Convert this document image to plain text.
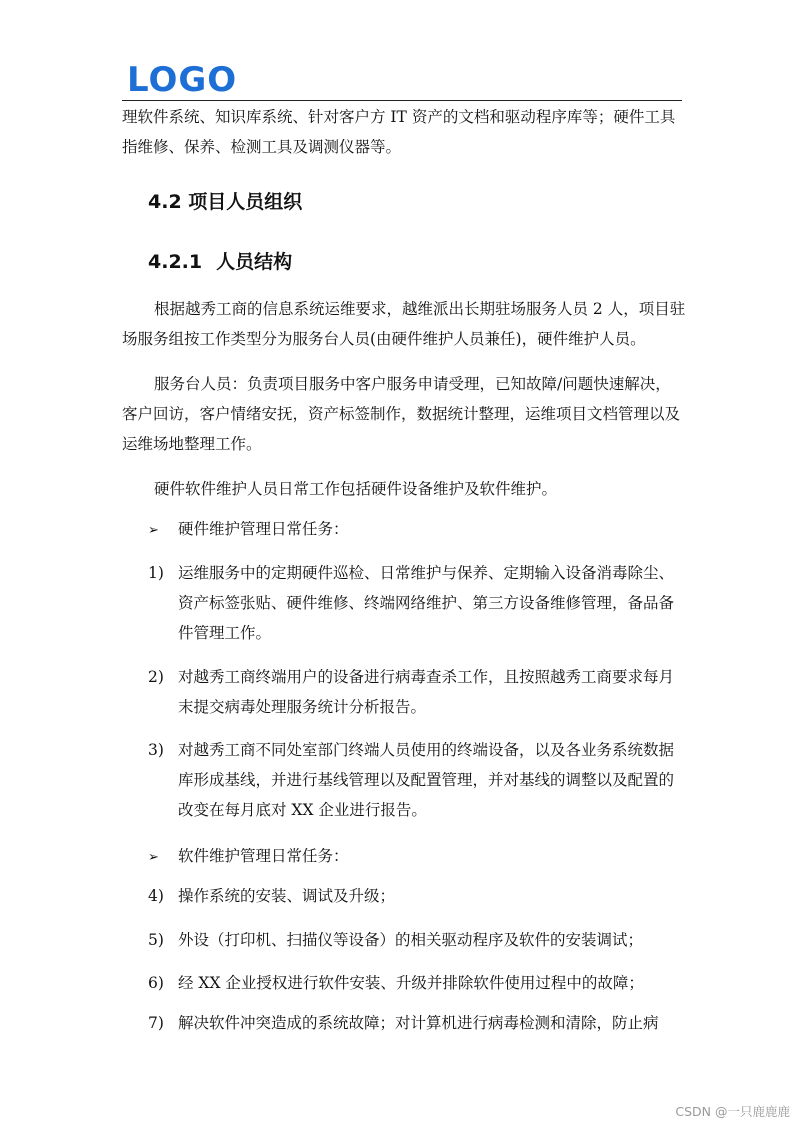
LOGO

理软件系统、知识库系统、针对客户方 IT 资产的文档和驱动程序库等；硬件工具指维修、保养、检测工具及调测仪器等。

4.2 项目人员组织
4.2.1 人员结构

根据越秀工商的信息系统运维要求，越维派出长期驻场服务人员 2 人，项目驻场服务组按工作类型分为服务台人员(由硬件维护人员兼任)，硬件维护人员。

服务台人员：负责项目服务中客户服务申请受理，已知故障/问题快速解决，客户回访，客户情绪安抚，资产标签制作，数据统计整理，运维项目文档管理以及运维场地整理工作。

硬件软件维护人员日常工作包括硬件设备维护及软件维护。

➢ 硬件维护管理日常任务：
1) 运维服务中的定期硬件巡检、日常维护与保养、定期输入设备消毒除尘、资产标签张贴、硬件维修、终端网络维护、第三方设备维修管理，备品备件管理工作。
2) 对越秀工商终端用户的设备进行病毒查杀工作，且按照越秀工商要求每月末提交病毒处理服务统计分析报告。
3) 对越秀工商不同处室部门终端人员使用的终端设备，以及各业务系统数据库形成基线，并进行基线管理以及配置管理，并对基线的调整以及配置的改变在每月底对 XX 企业进行报告。
➢ 软件维护管理日常任务：
4) 操作系统的安装、调试及升级；
5) 外设（打印机、扫描仪等设备）的相关驱动程序及软件的安装调试；
6) 经 XX 企业授权进行软件安装、升级并排除软件使用过程中的故障；
7) 解决软件冲突造成的系统故障；对计算机进行病毒检测和清除，防止病
CSDN @一只鹿鹿鹿
